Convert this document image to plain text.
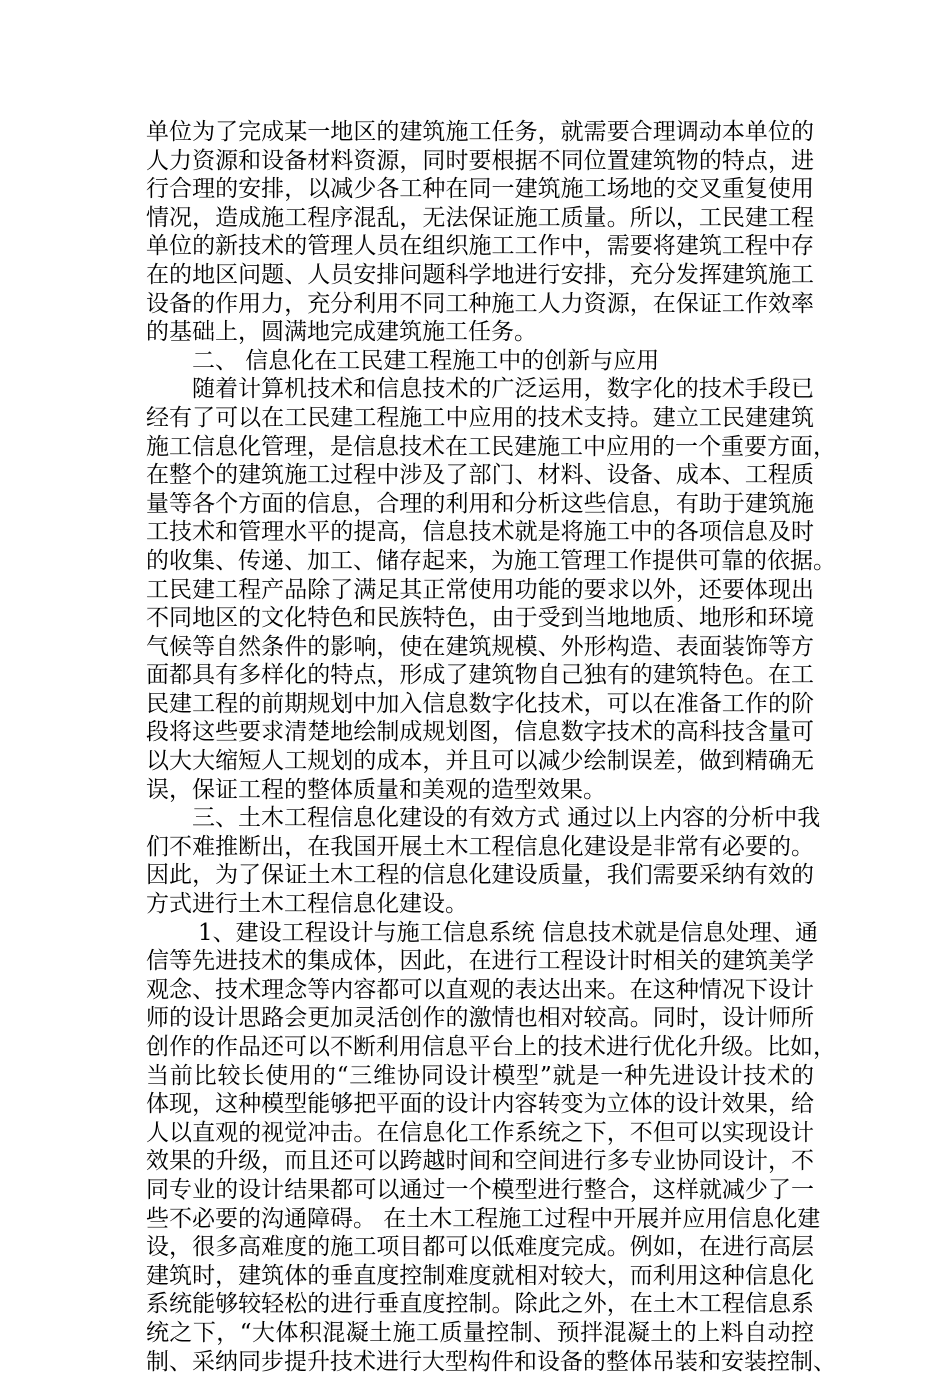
单位为了完成某一地区的建筑施工任务，就需要合理调动本单位的
人力资源和设备材料资源，同时要根据不同位置建筑物的特点，进
行合理的安排，以减少各工种在同一建筑施工场地的交叉重复使用
情况，造成施工程序混乱，无法保证施工质量。所以，工民建工程
单位的新技术的管理人员在组织施工工作中，需要将建筑工程中存
在的地区问题、人员安排问题科学地进行安排，充分发挥建筑施工
设备的作用力，充分利用不同工种施工人力资源，在保证工作效率
的基础上，圆满地完成建筑施工任务。
二、 信息化在工民建工程施工中的创新与应用
随着计算机技术和信息技术的广泛运用，数字化的技术手段已
经有了可以在工民建工程施工中应用的技术支持。建立工民建建筑
施工信息化管理，是信息技术在工民建施工中应用的一个重要方面，
在整个的建筑施工过程中涉及了部门、材料、设备、成本、工程质
量等各个方面的信息，合理的利用和分析这些信息，有助于建筑施
工技术和管理水平的提高，信息技术就是将施工中的各项信息及时
的收集、传递、加工、储存起来，为施工管理工作提供可靠的依据。
工民建工程产品除了满足其正常使用功能的要求以外，还要体现出
不同地区的文化特色和民族特色，由于受到当地地质、地形和环境
气候等自然条件的影响，使在建筑规模、外形构造、表面装饰等方
面都具有多样化的特点，形成了建筑物自己独有的建筑特色。在工
民建工程的前期规划中加入信息数字化技术，可以在准备工作的阶
段将这些要求清楚地绘制成规划图，信息数字技术的高科技含量可
以大大缩短人工规划的成本，并且可以减少绘制误差，做到精确无
误，保证工程的整体质量和美观的造型效果。
三、土木工程信息化建设的有效方式 通过以上内容的分析中我
们不难推断出，在我国开展土木工程信息化建设是非常有必要的。
因此，为了保证土木工程的信息化建设质量，我们需要采纳有效的
方式进行土木工程信息化建设。
1、建设工程设计与施工信息系统 信息技术就是信息处理、通
信等先进技术的集成体，因此，在进行工程设计时相关的建筑美学
观念、技术理念等内容都可以直观的表达出来。在这种情况下设计
师的设计思路会更加灵活创作的激情也相对较高。同时，设计师所
创作的作品还可以不断利用信息平台上的技术进行优化升级。比如，
当前比较长使用的“三维协同设计模型”就是一种先进设计技术的
体现，这种模型能够把平面的设计内容转变为立体的设计效果，给
人以直观的视觉冲击。在信息化工作系统之下，不但可以实现设计
效果的升级，而且还可以跨越时间和空间进行多专业协同设计，不
同专业的设计结果都可以通过一个模型进行整合，这样就减少了一
些不必要的沟通障碍。 在土木工程施工过程中开展并应用信息化建
设，很多高难度的施工项目都可以低难度完成。例如，在进行高层
建筑时，建筑体的垂直度控制难度就相对较大，而利用这种信息化
系统能够较轻松的进行垂直度控制。除此之外，在土木工程信息系
统之下，“大体积混凝土施工质量控制、预拌混凝土的上料自动控
制、采纳同步提升技术进行大型构件和设备的整体吊装和安装控制、
